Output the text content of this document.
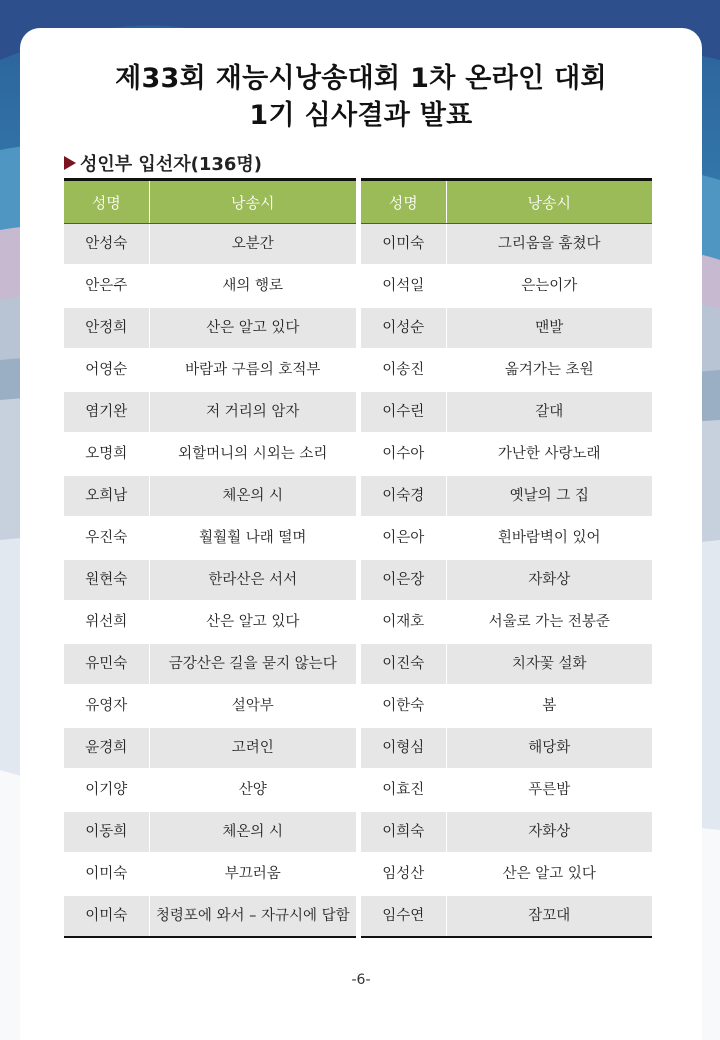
제33회 재능시낭송대회 1차 온라인 대회
1기 심사결과 발표
성인부 입선자(136명)
성명	낭송시
안성숙	오분간
안은주	새의 행로
안정희	산은 알고 있다
어영순	바람과 구름의 호적부
염기완	저 거리의 암자
오명희	외할머니의 시외는 소리
오희남	체온의 시
우진숙	훨훨훨 나래 떨며
원현숙	한라산은 서서
위선희	산은 알고 있다
유민숙	금강산은 길을 묻지 않는다
유영자	설악부
윤경희	고려인
이기양	산양
이동희	체온의 시
이미숙	부끄러움
이미숙	청령포에 와서 – 자규시에 답함
성명	낭송시
이미숙	그리움을 훔쳤다
이석일	은는이가
이성순	맨발
이송진	옮겨가는 초원
이수린	갈대
이수아	가난한 사랑노래
이숙경	옛날의 그 집
이은아	흰바람벽이 있어
이은장	자화상
이재호	서울로 가는 전봉준
이진숙	치자꽃 설화
이한숙	봄
이형심	해당화
이효진	푸른밤
이희숙	자화상
임성산	산은 알고 있다
임수연	잠꼬대
-6-
